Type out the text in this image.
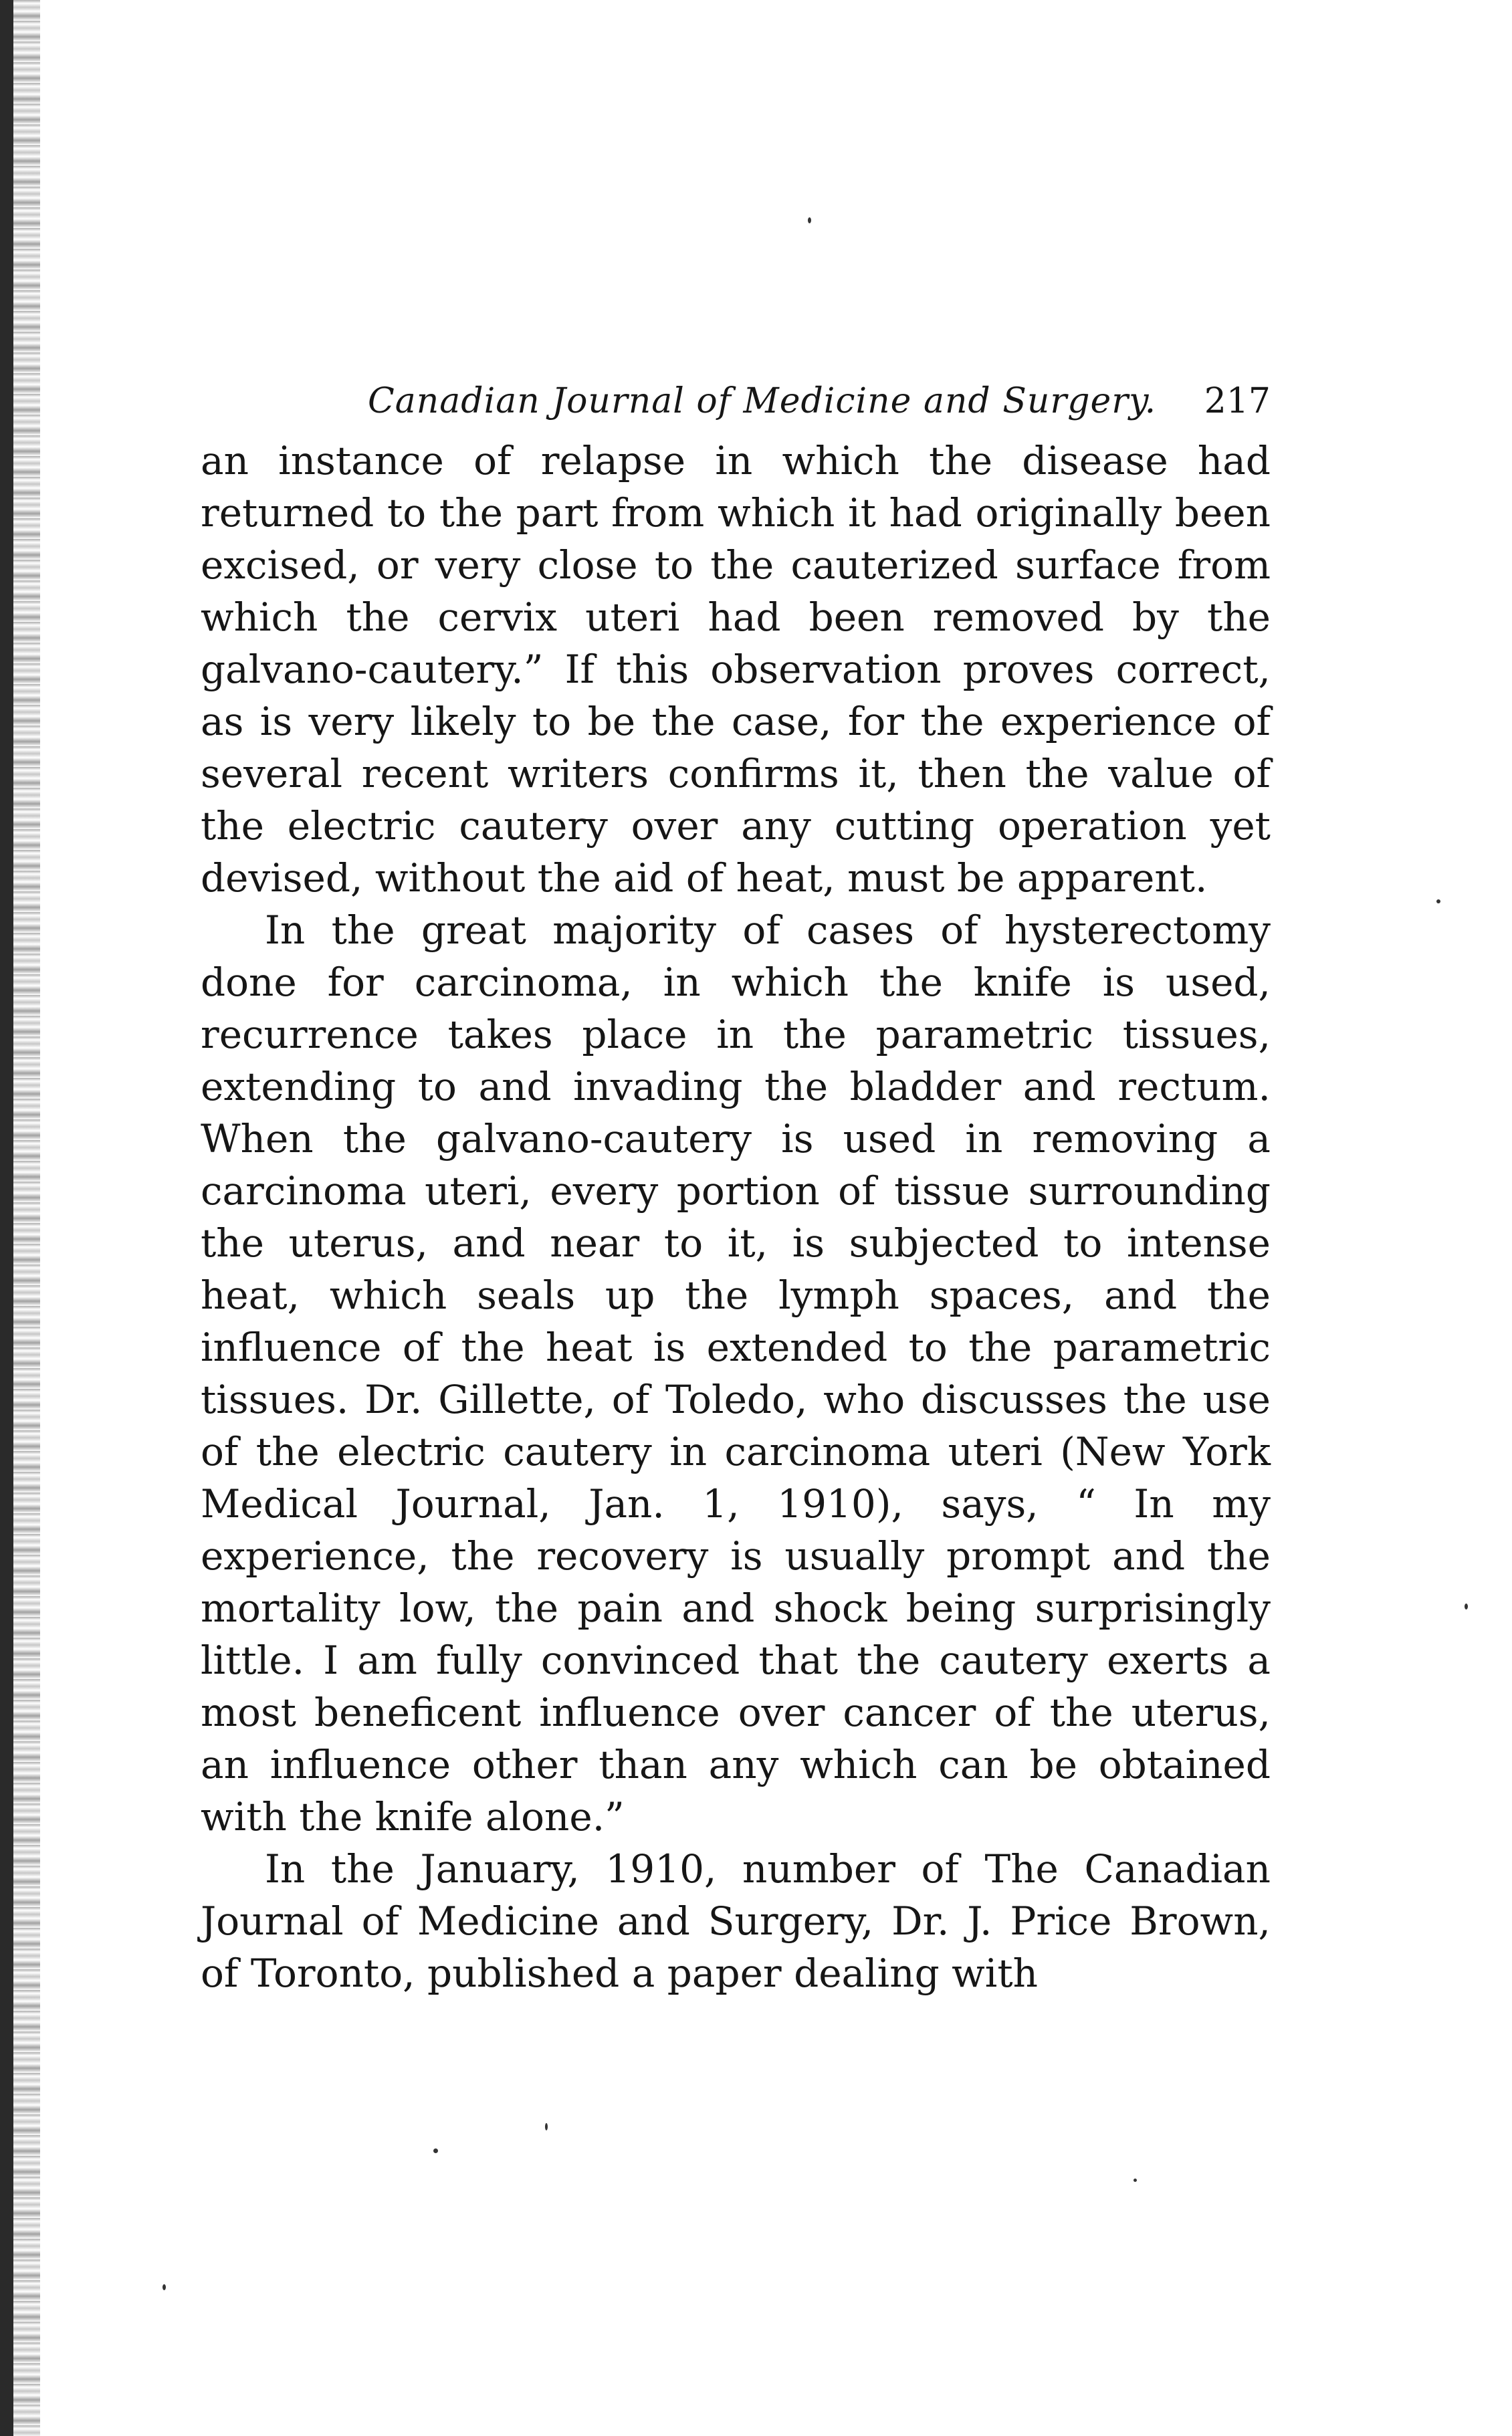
Canadian Journal of Medicine and Surgery. 217

an instance of relapse in which the disease had returned to the part from which it had originally been excised, or very close to the cauterized surface from which the cervix uteri had been removed by the galvano-cautery.” If this observation proves correct, as is very likely to be the case, for the experience of several recent writers confirms it, then the value of the electric cautery over any cutting operation yet devised, without the aid of heat, must be apparent.

In the great majority of cases of hysterectomy done for carcinoma, in which the knife is used, recurrence takes place in the parametric tissues, extending to and invading the bladder and rectum. When the galvano-cautery is used in removing a carcinoma uteri, every portion of tissue surrounding the uterus, and near to it, is subjected to intense heat, which seals up the lymph spaces, and the influence of the heat is extended to the parametric tissues. Dr. Gillette, of Toledo, who discusses the use of the electric cautery in carcinoma uteri (New York Medical Journal, Jan. 1, 1910), says, “ In my experience, the recovery is usually prompt and the mortality low, the pain and shock being surprisingly little. I am fully convinced that the cautery exerts a most beneficent influence over cancer of the uterus, an influence other than any which can be obtained with the knife alone.”

In the January, 1910, number of The Canadian Journal of Medicine and Surgery, Dr. J. Price Brown, of Toronto, published a paper dealing with
